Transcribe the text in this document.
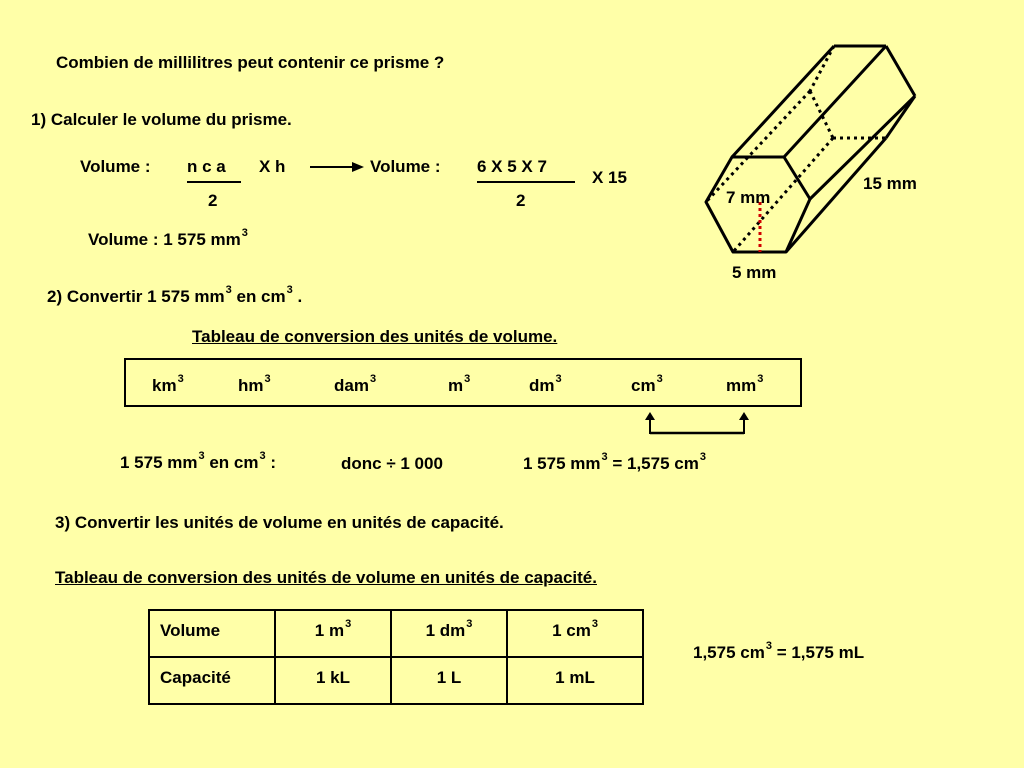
Combien de millilitres peut contenir ce prisme ?
1) Calculer le volume du prisme.
Volume : n c a
2
X h	Volume : 6 X 5 X 7
2
X 15
Volume : 1 575 $mm^3$
2) Convertir 1 575 $mm^3$ en $cm^3$ .
Tableau de conversion des unités de volume.
$km^3$	$hm^3$	dam$^3$	$m^3$	$dm^3$	$cm^3$	$mm^3$
1 575 $mm^3$ en $cm^3$ :	donc ÷ 1 000	1 575 $mm^3 = 1,575$ $cm^3$
3) Convertir les unités de volume en unités de capacité.
Tableau de conversion des unités de volume en unités de capacité.
Volume	1 $m^3$	1 $dm^3$	1 $cm^3$

Capacité	1 kL	1 L	1 mL
1,575 $cm^3 = 1,575$ mL
7 mm
15 mm
5 mm
